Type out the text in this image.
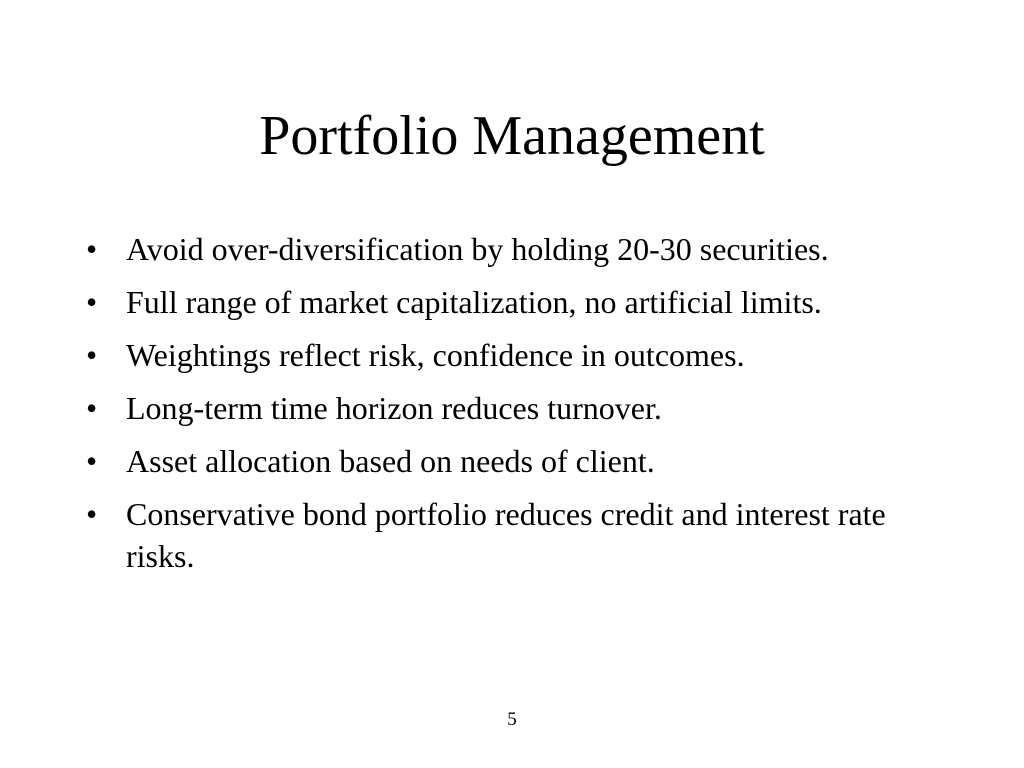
Portfolio Management
• Avoid over-diversification by holding 20-30 securities.
• Full range of market capitalization, no artificial limits.
• Weightings reflect risk, confidence in outcomes.
• Long-term time horizon reduces turnover.
• Asset allocation based on needs of client.
• Conservative bond portfolio reduces credit and interest rate risks.
5
